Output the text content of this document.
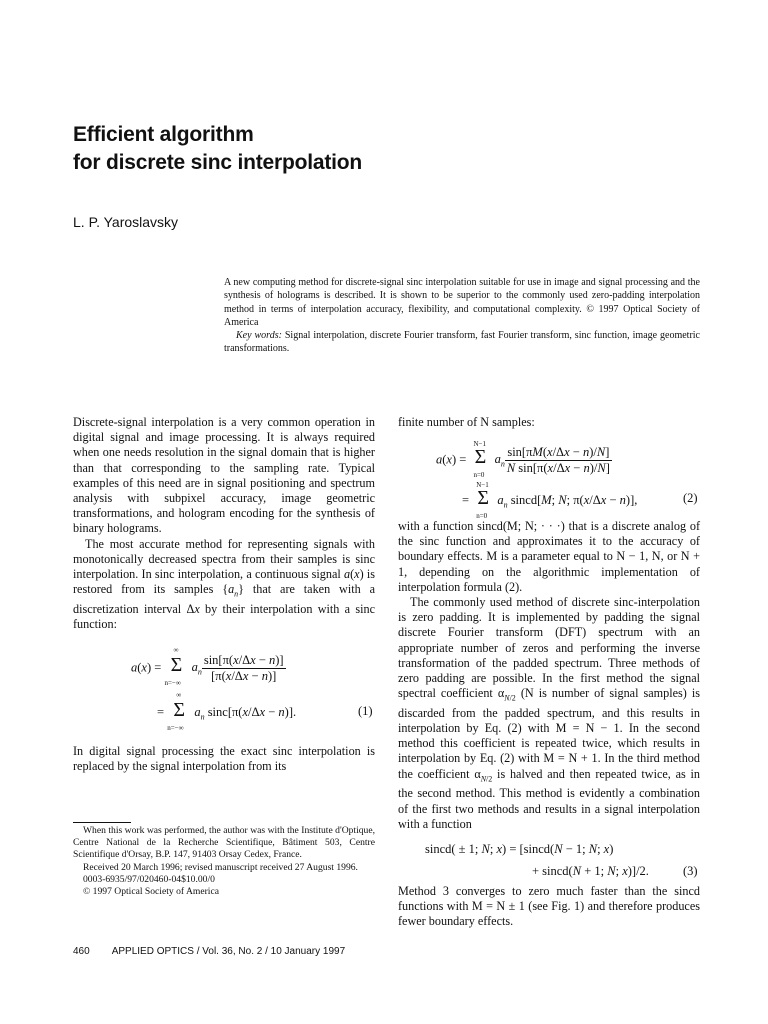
Efficient algorithm
for discrete sinc interpolation
L. P. Yaroslavsky

A new computing method for discrete-signal sinc interpolation suitable for use in image and signal processing and the synthesis of holograms is described. It is shown to be superior to the commonly used zero-padding interpolation method in terms of interpolation accuracy, flexibility, and computational complexity. © 1997 Optical Society of America

Key words: Signal interpolation, discrete Fourier transform, fast Fourier transform, sinc function, image geometric transformations.

Discrete-signal interpolation is a very common operation in digital signal and image processing. It is always required when one needs resolution in the signal domain that is higher than that corresponding to the sampling rate. Typical examples of this need are in signal positioning and spectrum analysis with subpixel accuracy, image geometric transformations, and hologram encoding for the synthesis of binary holograms.

The most accurate method for representing signals with monotonically decreased spectra from their samples is sinc interpolation. In sinc interpolation, a continuous signal a(x) is restored from its samples $\{a_n\}$ that are taken with a discretization interval Δx by their interpolation with a sinc function:

a(x) =
∞
Σ
n=−∞
$a_n \frac{\sin[\pi(x/\Delta x - n)]}{[\pi(x/\Delta x - n)]}$
=
∞
Σ
n=−∞
$a_n$ sinc[π(x/Δx − n)].	(1)

In digital signal processing the exact sinc interpolation is replaced by the signal interpolation from its

When this work was performed, the author was with the Institute d'Optique, Centre National de la Recherche Scientifique, Bâtiment 503, Centre Scientifique d'Orsay, B.P. 147, 91403 Orsay Cedex, France.

Received 20 March 1996; revised manuscript received 27 August 1996.

0003-6935/97/020460-04$10.00/0

© 1997 Optical Society of America

finite number of N samples:

a(x) =
N−1
Σ
n=0
$a_n \frac{\sin[\pi M(x/\Delta x - n)/N]}{\text{N sin[π(x/Δx − n)/N]}}$
=
N−1
Σ
n=0
$a_n$ sincd[M; N; π(x/Δx − n)],	(2)

with a function sincd(M; N; · · ·) that is a discrete analog of the sinc function and approximates it to the accuracy of boundary effects. M is a parameter equal to N − 1, N, or N + 1, depending on the algorithmic implementation of interpolation formula (2).

The commonly used method of discrete sinc-interpolation is zero padding. It is implemented by padding the signal discrete Fourier transform (DFT) spectrum with an appropriate number of zeros and performing the inverse transformation of the padded spectrum. Three methods of zero padding are possible. In the first method the signal spectral coefficient $\alpha_{N/2}$ (N is number of signal samples) is discarded from the padded spectrum, and this results in interpolation by Eq. (2) with M = N − 1. In the second method this coefficient is repeated twice, which results in interpolation by Eq. (2) with M = N + 1. In the third method the coefficient $\alpha_{N/2}$ is halved and then repeated twice, as in the second method. This method is evidently a combination of the first two methods and results in a signal interpolation with a function

sincd( ± 1; N; x) = [sincd(N − 1; N; x)
+ sincd(N + 1; N; x)]/2.	(3)

Method 3 converges to zero much faster than the sincd functions with M = N ± 1 (see Fig. 1) and therefore produces fewer boundary effects.

460 APPLIED OPTICS / Vol. 36, No. 2 / 10 January 1997
